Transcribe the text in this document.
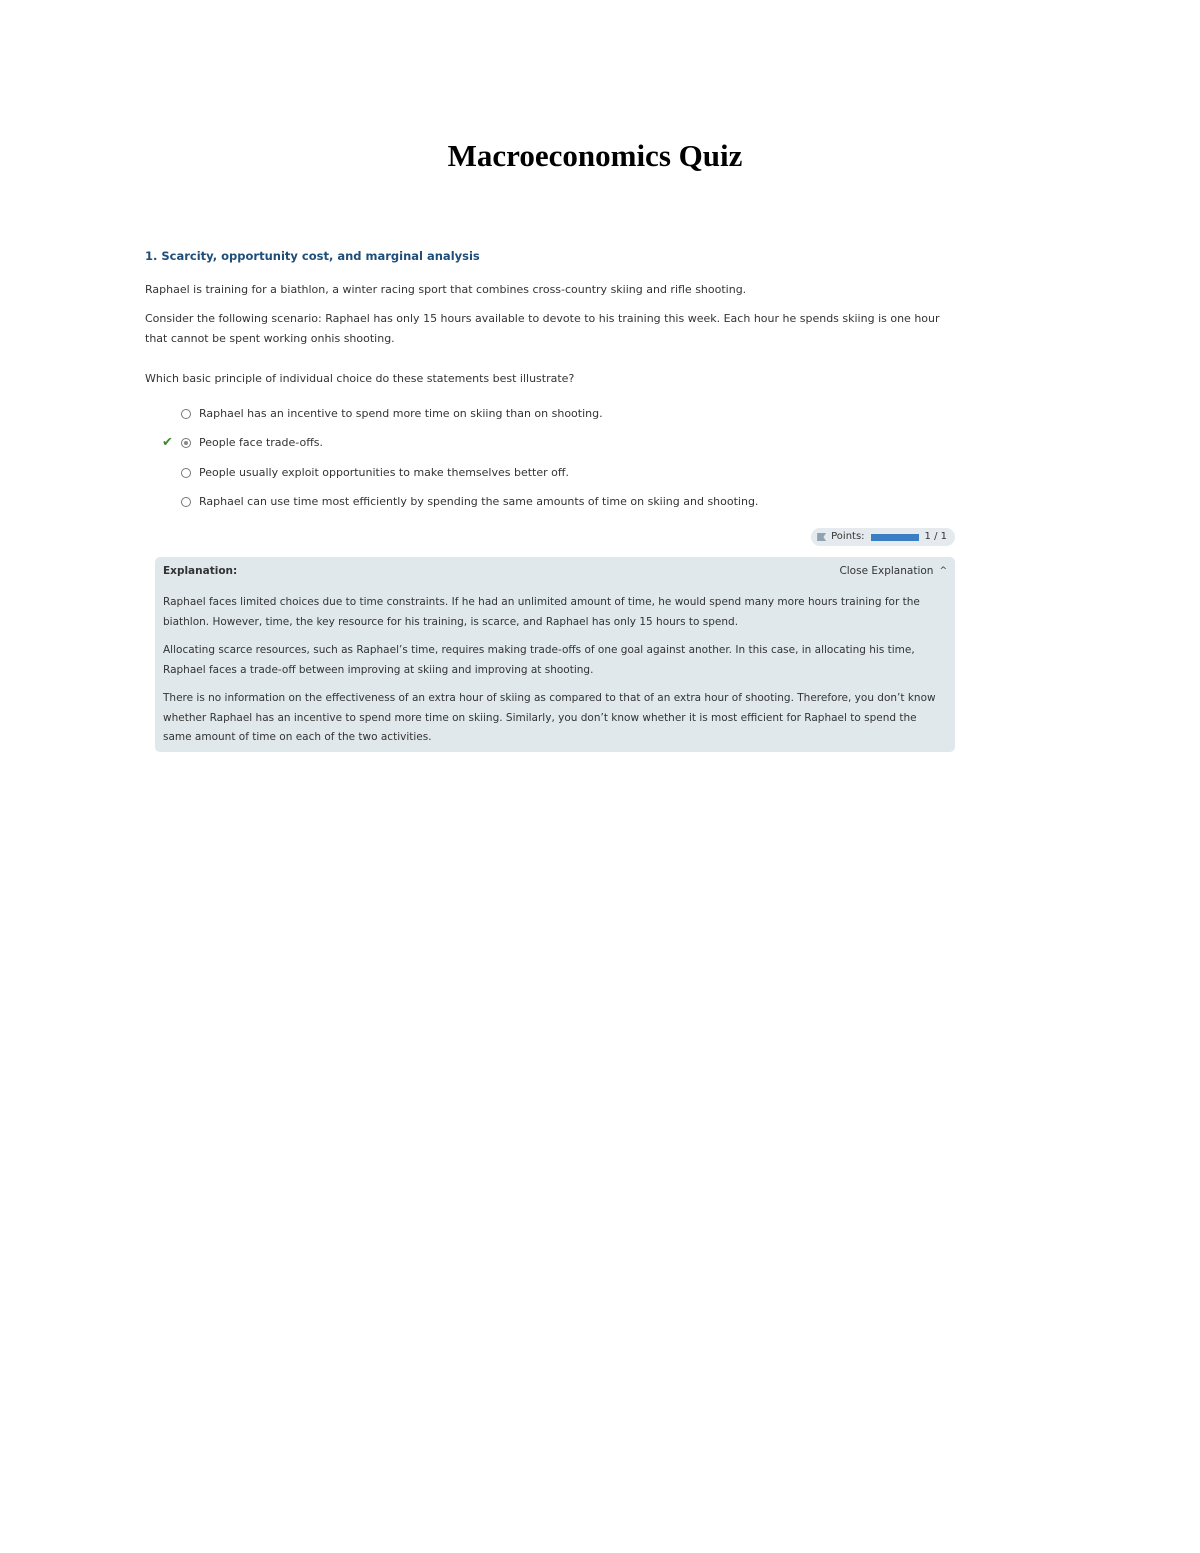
Macroeconomics Quiz
1. Scarcity, opportunity cost, and marginal analysis

Raphael is training for a biathlon, a winter racing sport that combines cross-country skiing and rifle shooting.

Consider the following scenario: Raphael has only 15 hours available to devote to his training this week. Each hour he spends skiing is one hour that cannot be spent working onhis shooting.

Which basic principle of individual choice do these statements best illustrate?

Raphael has an incentive to spend more time on skiing than on shooting.
✔ People face trade-offs.
People usually exploit opportunities to make themselves better off.
Raphael can use time most efficiently by spending the same amounts of time on skiing and shooting.
Points:	1 / 1
Explanation:	Close Explanation ^

Raphael faces limited choices due to time constraints. If he had an unlimited amount of time, he would spend many more hours training for the biathlon. However, time, the key resource for his training, is scarce, and Raphael has only 15 hours to spend.

Allocating scarce resources, such as Raphael’s time, requires making trade-offs of one goal against another. In this case, in allocating his time, Raphael faces a trade-off between improving at skiing and improving at shooting.

There is no information on the effectiveness of an extra hour of skiing as compared to that of an extra hour of shooting. Therefore, you don’t know whether Raphael has an incentive to spend more time on skiing. Similarly, you don’t know whether it is most efficient for Raphael to spend the same amount of time on each of the two activities.
